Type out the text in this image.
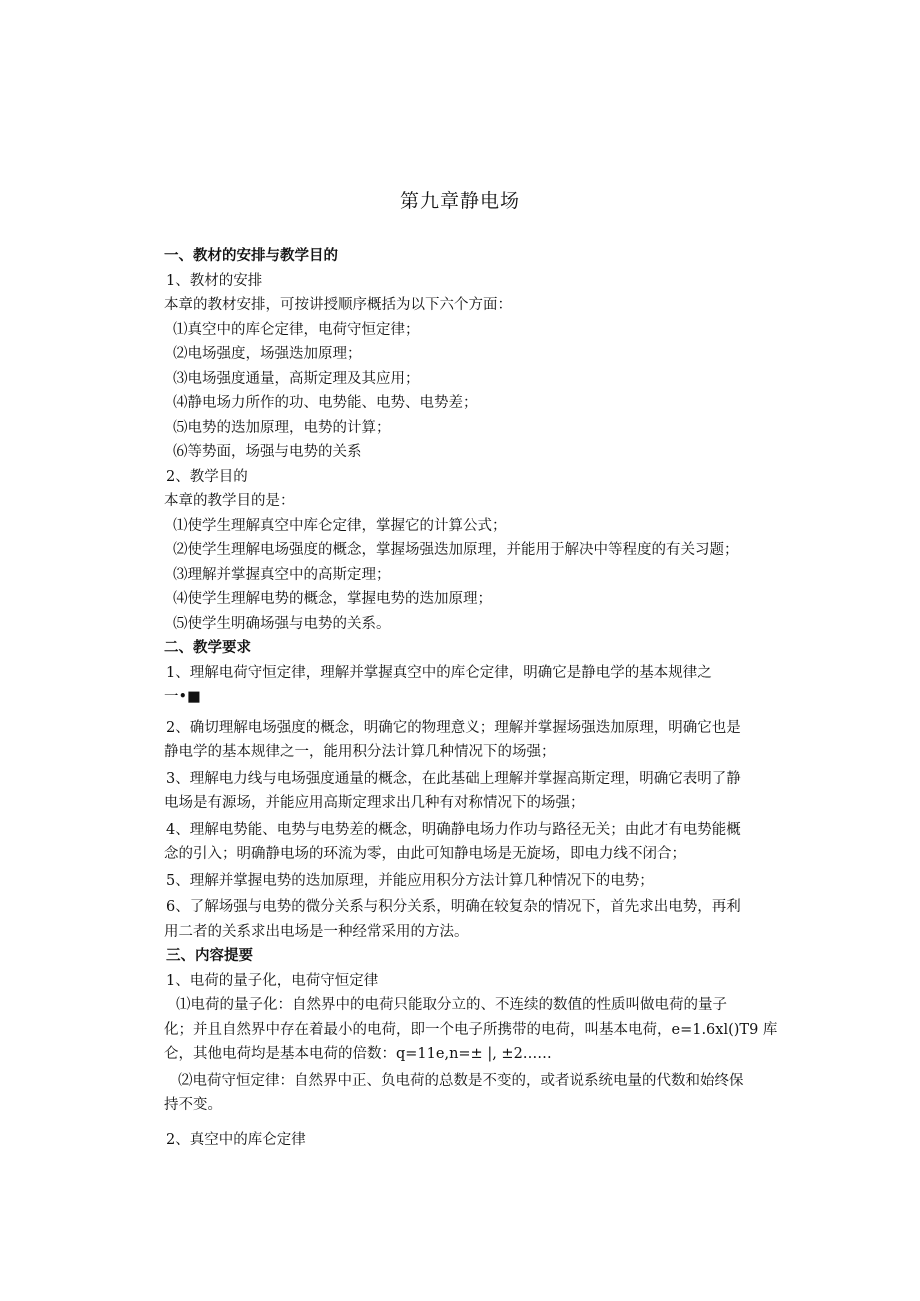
第九章静电场
一、教材的安排与教学目的
1、教材的安排
本章的教材安排，可按讲授顺序概括为以下六个方面：
⑴真空中的库仑定律，电荷守恒定律；
⑵电场强度，场强迭加原理；
⑶电场强度通量，高斯定理及其应用；
⑷静电场力所作的功、电势能、电势、电势差；
⑸电势的迭加原理，电势的计算；
⑹等势面，场强与电势的关系
2、教学目的
本章的教学目的是：
⑴使学生理解真空中库仑定律，掌握它的计算公式；
⑵使学生理解电场强度的概念，掌握场强迭加原理，并能用于解决中等程度的有关习题；
⑶理解并掌握真空中的高斯定理；
⑷使学生理解电势的概念，掌握电势的迭加原理；
⑸使学生明确场强与电势的关系。
二、教学要求
1、理解电荷守恒定律，理解并掌握真空中的库仑定律，明确它是静电学的基本规律之
一•■
2、确切理解电场强度的概念，明确它的物理意义；理解并掌握场强迭加原理，明确它也是
静电学的基本规律之一，能用积分法计算几种情况下的场强；
3、理解电力线与电场强度通量的概念，在此基础上理解并掌握高斯定理，明确它表明了静
电场是有源场，并能应用高斯定理求出几种有对称情况下的场强；
4、理解电势能、电势与电势差的概念，明确静电场力作功与路径无关；由此才有电势能概
念的引入；明确静电场的环流为零，由此可知静电场是无旋场，即电力线不闭合；
5、理解并掌握电势的迭加原理，并能应用积分方法计算几种情况下的电势；
6、了解场强与电势的微分关系与积分关系，明确在较复杂的情况下，首先求出电势，再利
用二者的关系求出电场是一种经常采用的方法。
三、内容提要
1、电荷的量子化，电荷守恒定律
⑴电荷的量子化：自然界中的电荷只能取分立的、不连续的数值的性质叫做电荷的量子
化；并且自然界中存在着最小的电荷，即一个电子所携带的电荷，叫基本电荷，e=1.6xl()T9 库
仑，其他电荷均是基本电荷的倍数：q=11e,n=± |, ±2……
⑵电荷守恒定律：自然界中正、负电荷的总数是不变的，或者说系统电量的代数和始终保
持不变。
2、真空中的库仑定律
